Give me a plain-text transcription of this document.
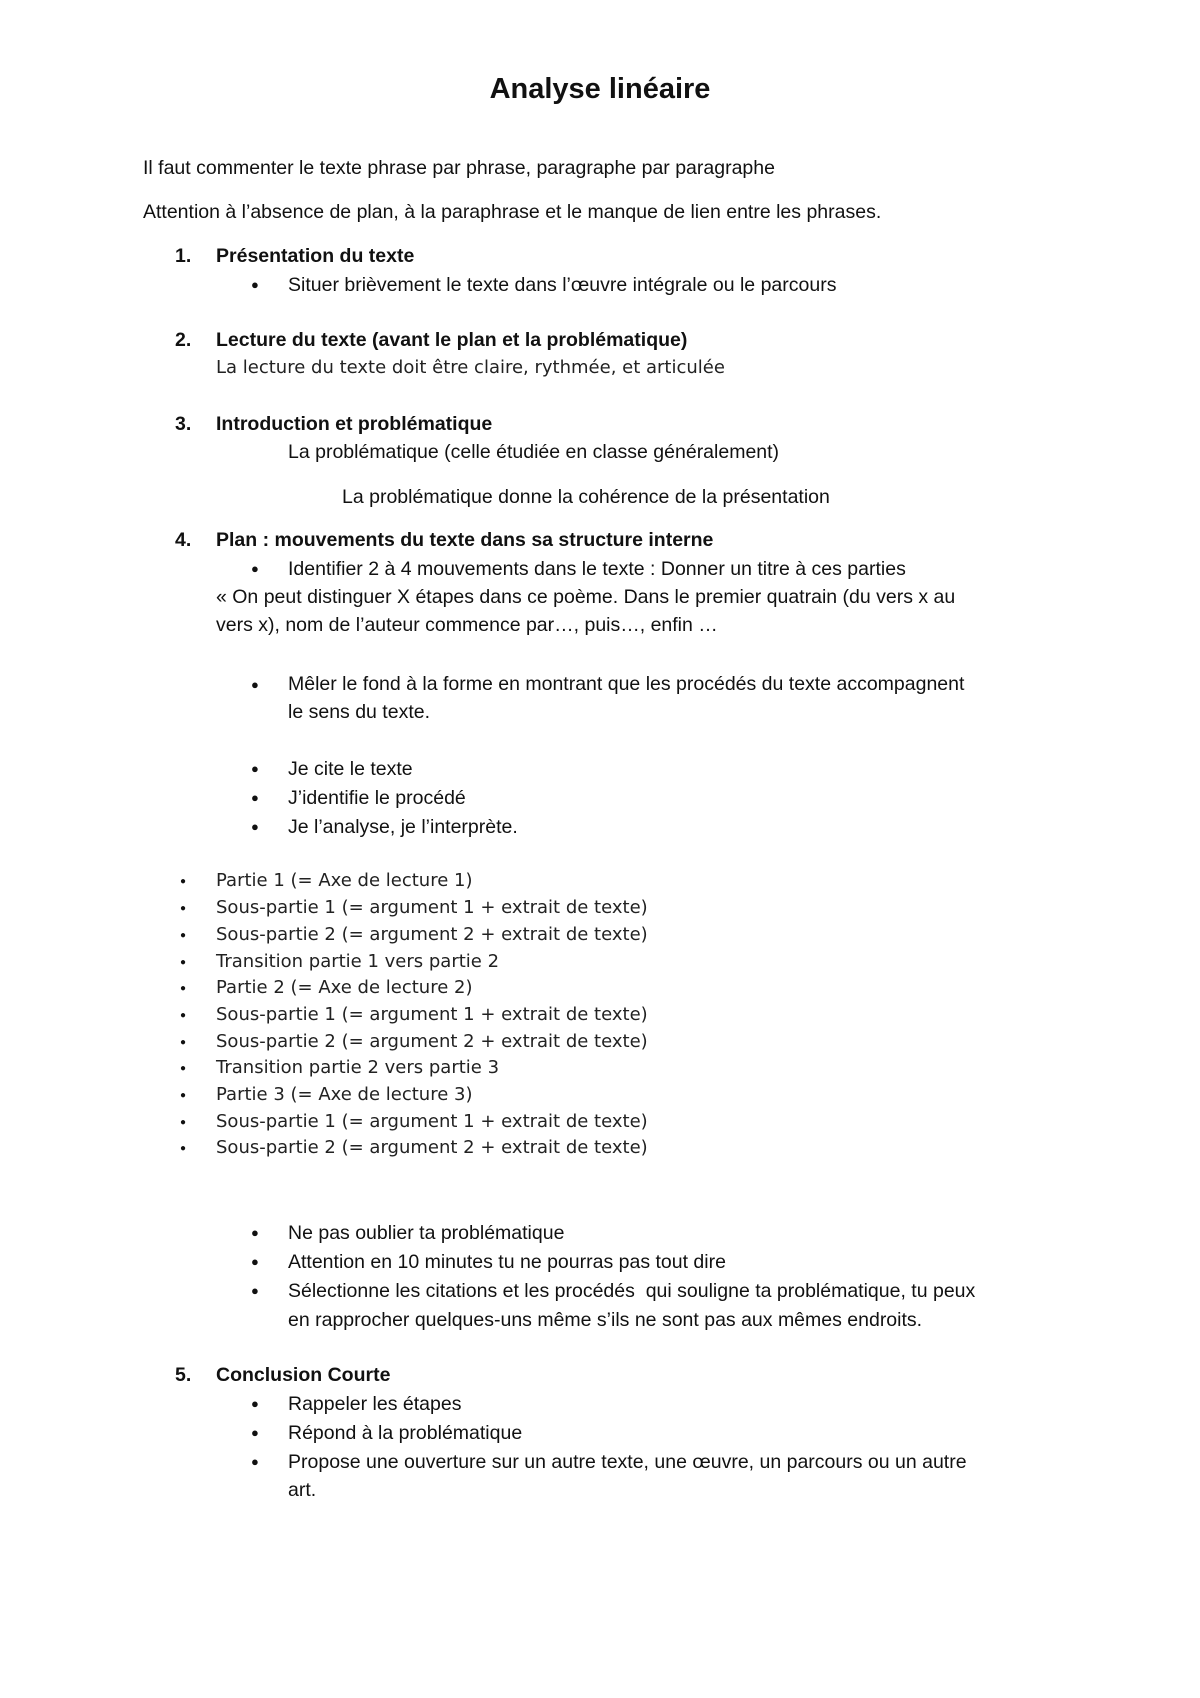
Analyse linéaire
Il faut commenter le texte phrase par phrase, paragraphe par paragraphe
Attention à l’absence de plan, à la paraphrase et le manque de lien entre les phrases.
1. Présentation du texte
● Situer brièvement le texte dans l’œuvre intégrale ou le parcours
2. Lecture du texte (avant le plan et la problématique)
La lecture du texte doit être claire, rythmée, et articulée
3. Introduction et problématique
La problématique (celle étudiée en classe généralement)
La problématique donne la cohérence de la présentation
4. Plan : mouvements du texte dans sa structure interne
● Identifier 2 à 4 mouvements dans le texte : Donner un titre à ces parties
« On peut distinguer X étapes dans ce poème. Dans le premier quatrain (du vers x au
vers x), nom de l’auteur commence par…, puis…, enfin …
● Mêler le fond à la forme en montrant que les procédés du texte accompagnent
le sens du texte.
● Je cite le texte
● J’identifie le procédé
● Je l’analyse, je l’interprète.
● Partie 1 (= Axe de lecture 1)
● Sous-partie 1 (= argument 1 + extrait de texte)
● Sous-partie 2 (= argument 2 + extrait de texte)
● Transition partie 1 vers partie 2
● Partie 2 (= Axe de lecture 2)
● Sous-partie 1 (= argument 1 + extrait de texte)
● Sous-partie 2 (= argument 2 + extrait de texte)
● Transition partie 2 vers partie 3
● Partie 3 (= Axe de lecture 3)
● Sous-partie 1 (= argument 1 + extrait de texte)
● Sous-partie 2 (= argument 2 + extrait de texte)
● Ne pas oublier ta problématique
● Attention en 10 minutes tu ne pourras pas tout dire
● Sélectionne les citations et les procédés  qui souligne ta problématique, tu peux
en rapprocher quelques-uns même s’ils ne sont pas aux mêmes endroits.
5. Conclusion Courte
● Rappeler les étapes
● Répond à la problématique
● Propose une ouverture sur un autre texte, une œuvre, un parcours ou un autre
art.
